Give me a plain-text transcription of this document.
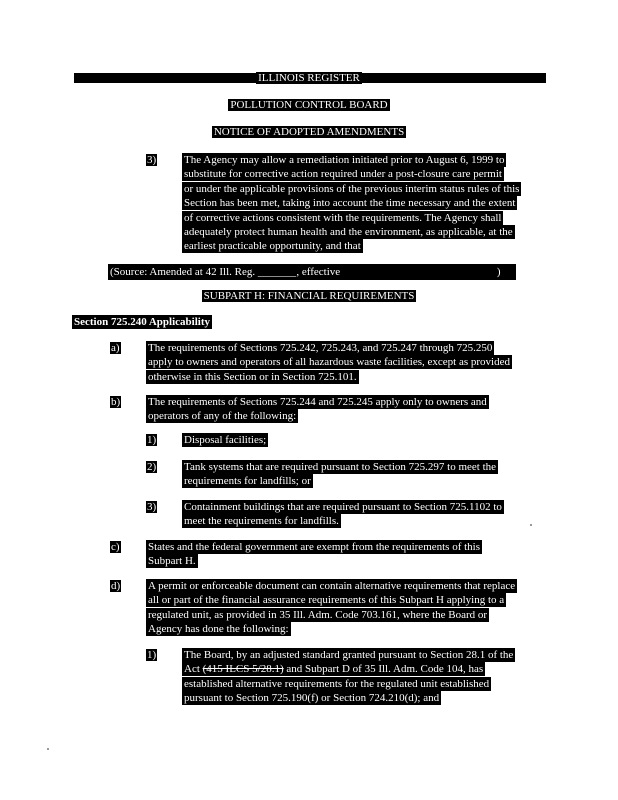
ILLINOIS REGISTER
POLLUTION CONTROL BOARD
NOTICE OF ADOPTED AMENDMENTS
3)	The Agency may allow a remediation initiated prior to August 6, 1999 to
substitute for corrective action required under a post-closure care permit
or under the applicable provisions of the previous interim status rules of this
Section has been met, taking into account the time necessary and the extent
of corrective actions consistent with the requirements. The Agency shall
adequately protect human health and the environment, as applicable, at the
earliest practicable opportunity, and that
(Source: Amended at 42 Ill. Reg. _______, effective	)
SUBPART H: FINANCIAL REQUIREMENTS
Section 725.240 Applicability
a)	The requirements of Sections 725.242, 725.243, and 725.247 through 725.250
apply to owners and operators of all hazardous waste facilities, except as provided
otherwise in this Section or in Section 725.101.
b)	The requirements of Sections 725.244 and 725.245 apply only to owners and
operators of any of the following:
1)	Disposal facilities;
2)	Tank systems that are required pursuant to Section 725.297 to meet the
requirements for landfills; or
3)	Containment buildings that are required pursuant to Section 725.1102 to
meet the requirements for landfills.
c)	States and the federal government are exempt from the requirements of this
Subpart H.
d)	A permit or enforceable document can contain alternative requirements that replace
all or part of the financial assurance requirements of this Subpart H applying to a
regulated unit, as provided in 35 Ill. Adm. Code 703.161, where the Board or
Agency has done the following:
1)	The Board, by an adjusted standard granted pursuant to Section 28.1 of the
Act (415 ILCS 5/28.1) and Subpart D of 35 Ill. Adm. Code 104, has
established alternative requirements for the regulated unit established
pursuant to Section 725.190(f) or Section 724.210(d); and
